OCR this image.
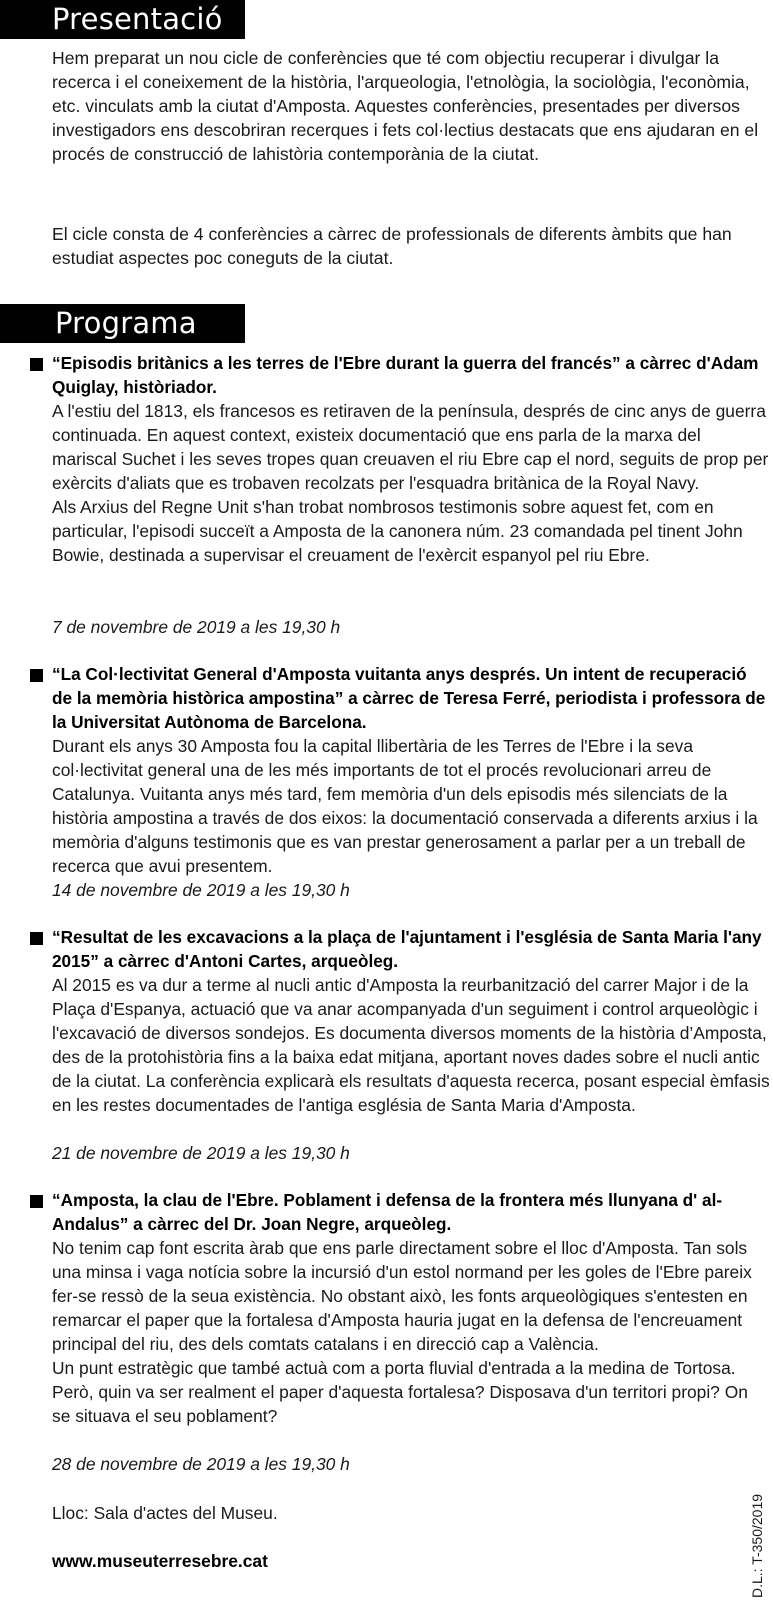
Presentació
Hem preparat un nou cicle de conferències que té com objectiu recuperar i divulgar la recerca i el coneixement de la història, l'arqueologia, l'etnològia, la sociològia, l'econòmia, etc. vinculats amb la ciutat d'Amposta. Aquestes conferències, presentades per diversos investigadors ens descobriran recerques i fets col·lectius destacats que ens ajudaran en el procés de construcció de lahistòria contemporània de la ciutat.
El cicle consta de 4 conferències a càrrec de professionals de diferents àmbits que han estudiat aspectes poc coneguts de la ciutat.
Programa
“Episodis britànics a les terres de l'Ebre durant la guerra del francés” a càrrec d'Adam Quiglay, històriador.

A l'estiu del 1813, els francesos es retiraven de la península, després de cinc anys de guerra continuada. En aquest context, existeix documentació que ens parla de la marxa del mariscal Suchet i les seves tropes quan creuaven el riu Ebre cap el nord, seguits de prop per exèrcits d'aliats que es trobaven recolzats per l'esquadra britànica de la Royal Navy.

Als Arxius del Regne Unit s'han trobat nombrosos testimonis sobre aquest fet, com en particular, l'episodi succeït a Amposta de la canonera núm. 23 comandada pel tinent John Bowie, destinada a supervisar el creuament de l'exèrcit espanyol pel riu Ebre.

7 de novembre de 2019 a les 19,30 h
“La Col·lectivitat General d'Amposta vuitanta anys després. Un intent de recuperació de la memòria històrica ampostina” a càrrec de Teresa Ferré, periodista i professora de la Universitat Autònoma de Barcelona.

Durant els anys 30 Amposta fou la capital llibertària de les Terres de l'Ebre i la seva col·lectivitat general una de les més importants de tot el procés revolucionari arreu de Catalunya. Vuitanta anys més tard, fem memòria d'un dels episodis més silenciats de la història ampostina a través de dos eixos: la documentació conservada a diferents arxius i la memòria d'alguns testimonis que es van prestar generosament a parlar per a un treball de recerca que avui presentem.

14 de novembre de 2019 a les 19,30 h
“Resultat de les excavacions a la plaça de l'ajuntament i l'església de Santa Maria l'any 2015” a càrrec d'Antoni Cartes, arqueòleg.

Al 2015 es va dur a terme al nucli antic d'Amposta la reurbanització del carrer Major i de la Plaça d'Espanya, actuació que va anar acompanyada d'un seguiment i control arqueològic i l'excavació de diversos sondejos. Es documenta diversos moments de la història d’Amposta, des de la protohistòria fins a la baixa edat mitjana, aportant noves dades sobre el nucli antic de la ciutat. La conferència explicarà els resultats d'aquesta recerca, posant especial èmfasis en les restes documentades de l'antiga església de Santa Maria d'Amposta.

21 de novembre de 2019 a les 19,30 h
“Amposta, la clau de l'Ebre. Poblament i defensa de la frontera més llunyana d' al-Andalus” a càrrec del Dr. Joan Negre, arqueòleg.

No tenim cap font escrita àrab que ens parle directament sobre el lloc d'Amposta. Tan sols una minsa i vaga notícia sobre la incursió d'un estol normand per les goles de l'Ebre pareix fer-se ressò de la seua existència. No obstant això, les fonts arqueològiques s'entesten en remarcar el paper que la fortalesa d'Amposta hauria jugat en la defensa de l'encreuament principal del riu, des dels comtats catalans i en direcció cap a València.

Un punt estratègic que també actuà com a porta fluvial d'entrada a la medina de Tortosa. Però, quin va ser realment el paper d'aquesta fortalesa? Disposava d'un territori propi? On se situava el seu poblament?

28 de novembre de 2019 a les 19,30 h
Lloc: Sala d'actes del Museu.
www.museuterresebre.cat	D.L.: T-350/2019
